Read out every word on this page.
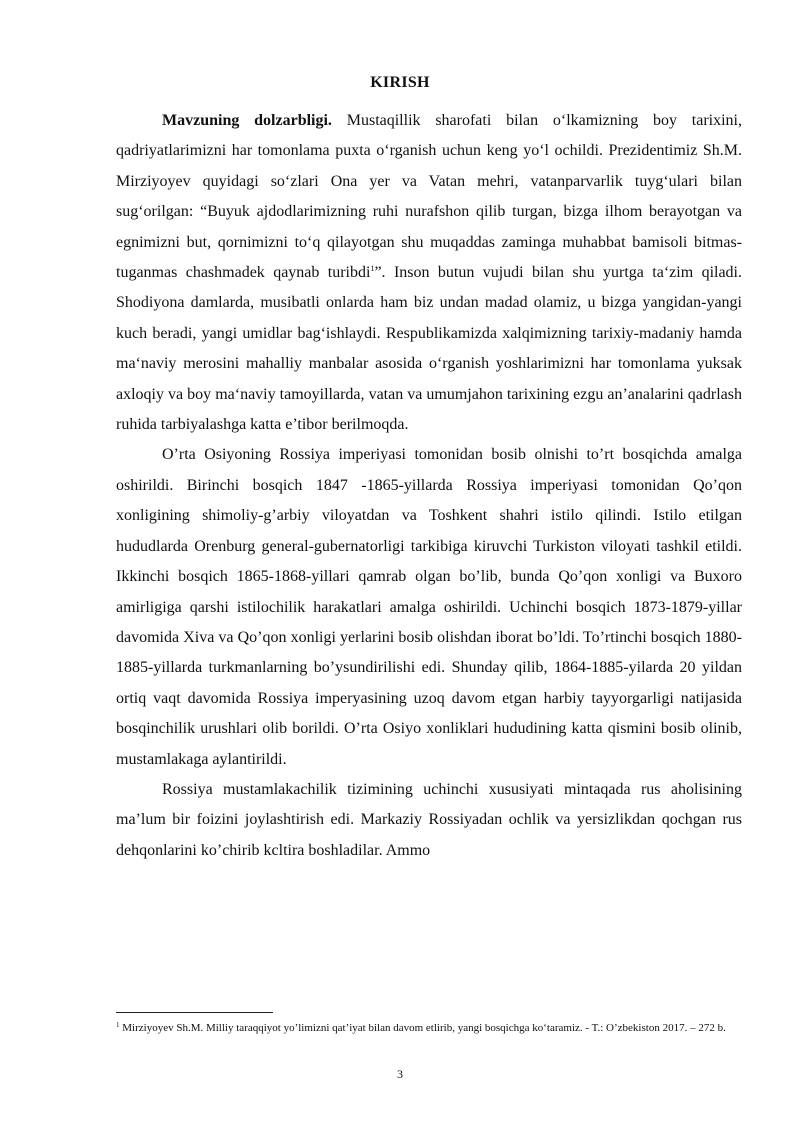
KIRISH

Mavzuning dolzarbligi. Mustaqillik sharofati bilan o‘lkamizning boy tarixini, qadriyatlarimizni har tomonlama puxta o‘rganish uchun keng yo‘l ochildi. Prezidentimiz Sh.M. Mirziyoyev quyidagi so‘zlari Ona yer va Vatan mehri, vatanparvarlik tuyg‘ulari bilan sug‘orilgan: “Buyuk ajdodlarimizning ruhi nurafshon qilib turgan, bizga ilhom berayotgan va egnimizni but, qornimizni to‘q qilayotgan shu muqaddas zaminga muhabbat bamisoli bitmas-tuganmas chashmadek qaynab turibdi$^1$”. Inson butun vujudi bilan shu yurtga ta‘zim qiladi. Shodiyona damlarda, musibatli onlarda ham biz undan madad olamiz, u bizga yangidan-yangi kuch beradi, yangi umidlar bag‘ishlaydi. Respublikamizda xalqimizning tarixiy-madaniy hamda ma‘naviy merosini mahalliy manbalar asosida o‘rganish yoshlarimizni har tomonlama yuksak axloqiy va boy ma‘naviy tamoyillarda, vatan va umumjahon tarixining ezgu an’analarini qadrlash ruhida tarbiyalashga katta e’tibor berilmoqda.

O’rta Osiyoning Rossiya imperiyasi tomonidan bosib olnishi to’rt bosqichda amalga oshirildi. Birinchi bosqich 1847 -1865-yillarda Rossiya imperiyasi tomonidan Qo’qon xonligining shimoliy-g’arbiy viloyatdan va Toshkent shahri istilo qilindi. Istilo etilgan hududlarda Orenburg general-gubernatorligi tarkibiga kiruvchi Turkiston viloyati tashkil etildi. Ikkinchi bosqich 1865-1868-yillari qamrab olgan bo’lib, bunda Qo’qon xonligi va Buxoro amirligiga qarshi istilochilik harakatlari amalga oshirildi. Uchinchi bosqich 1873-1879-yillar davomida Xiva va Qo’qon xonligi yerlarini bosib olishdan iborat bo’ldi. To’rtinchi bosqich 1880-1885-yillarda turkmanlarning bo’ysundirilishi edi. Shunday qilib, 1864-1885-yilarda 20 yildan ortiq vaqt davomida Rossiya imperyasining uzoq davom etgan harbiy tayyorgarligi natijasida bosqinchilik urushlari olib borildi. O’rta Osiyo xonliklari hududining katta qismini bosib olinib, mustamlakaga aylantirildi.

Rossiya mustamlakachilik tizimining uchinchi xususiyati mintaqada rus aholisining ma’lum bir foizini joylashtirish edi. Markaziy Rossiyadan ochlik va yersizlikdan qochgan rus dehqonlarini ko’chirib kcltira boshladilar. Ammo

$^1$ Mirziyoyev Sh.M. Milliy taraqqiyot yo’limizni qat’iyat bilan davom etlirib, yangi bosqichga ko‘taramiz. - T.: O’zbekiston 2017. – 272 b.
3
